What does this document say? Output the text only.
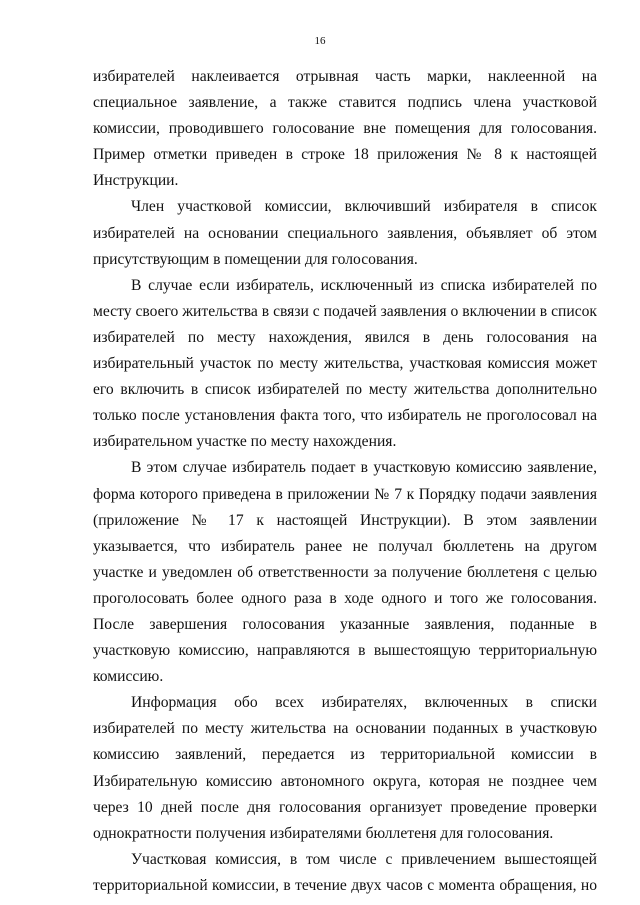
16

избирателей наклеивается отрывная часть марки, наклеенной на специальное заявление, а также ставится подпись члена участковой комиссии, проводившего голосование вне помещения для голосования. Пример отметки приведен в строке 18 приложения № 8 к настоящей Инструкции.

Член участковой комиссии, включивший избирателя в список избирателей на основании специального заявления, объявляет об этом присутствующим в помещении для голосования.

В случае если избиратель, исключенный из списка избирателей по месту своего жительства в связи с подачей заявления о включении в список избирателей по месту нахождения, явился в день голосования на избирательный участок по месту жительства, участковая комиссия может его включить в список избирателей по месту жительства дополнительно только после установления факта того, что избиратель не проголосовал на избирательном участке по месту нахождения.

В этом случае избиратель подает в участковую комиссию заявление, форма которого приведена в приложении № 7 к Порядку подачи заявления (приложение № 17 к настоящей Инструкции). В этом заявлении указывается, что избиратель ранее не получал бюллетень на другом участке и уведомлен об ответственности за получение бюллетеня с целью проголосовать более одного раза в ходе одного и того же голосования. После завершения голосования указанные заявления, поданные в участковую комиссию, направляются в вышестоящую территориальную комиссию.

Информация обо всех избирателях, включенных в списки избирателей по месту жительства на основании поданных в участковую комиссию заявлений, передается из территориальной комиссии в Избирательную комиссию автономного округа, которая не позднее чем через 10 дней после дня голосования организует проведение проверки однократности получения избирателями бюллетеня для голосования.

Участковая комиссия, в том числе с привлечением вышестоящей территориальной комиссии, в течение двух часов с момента обращения, но
